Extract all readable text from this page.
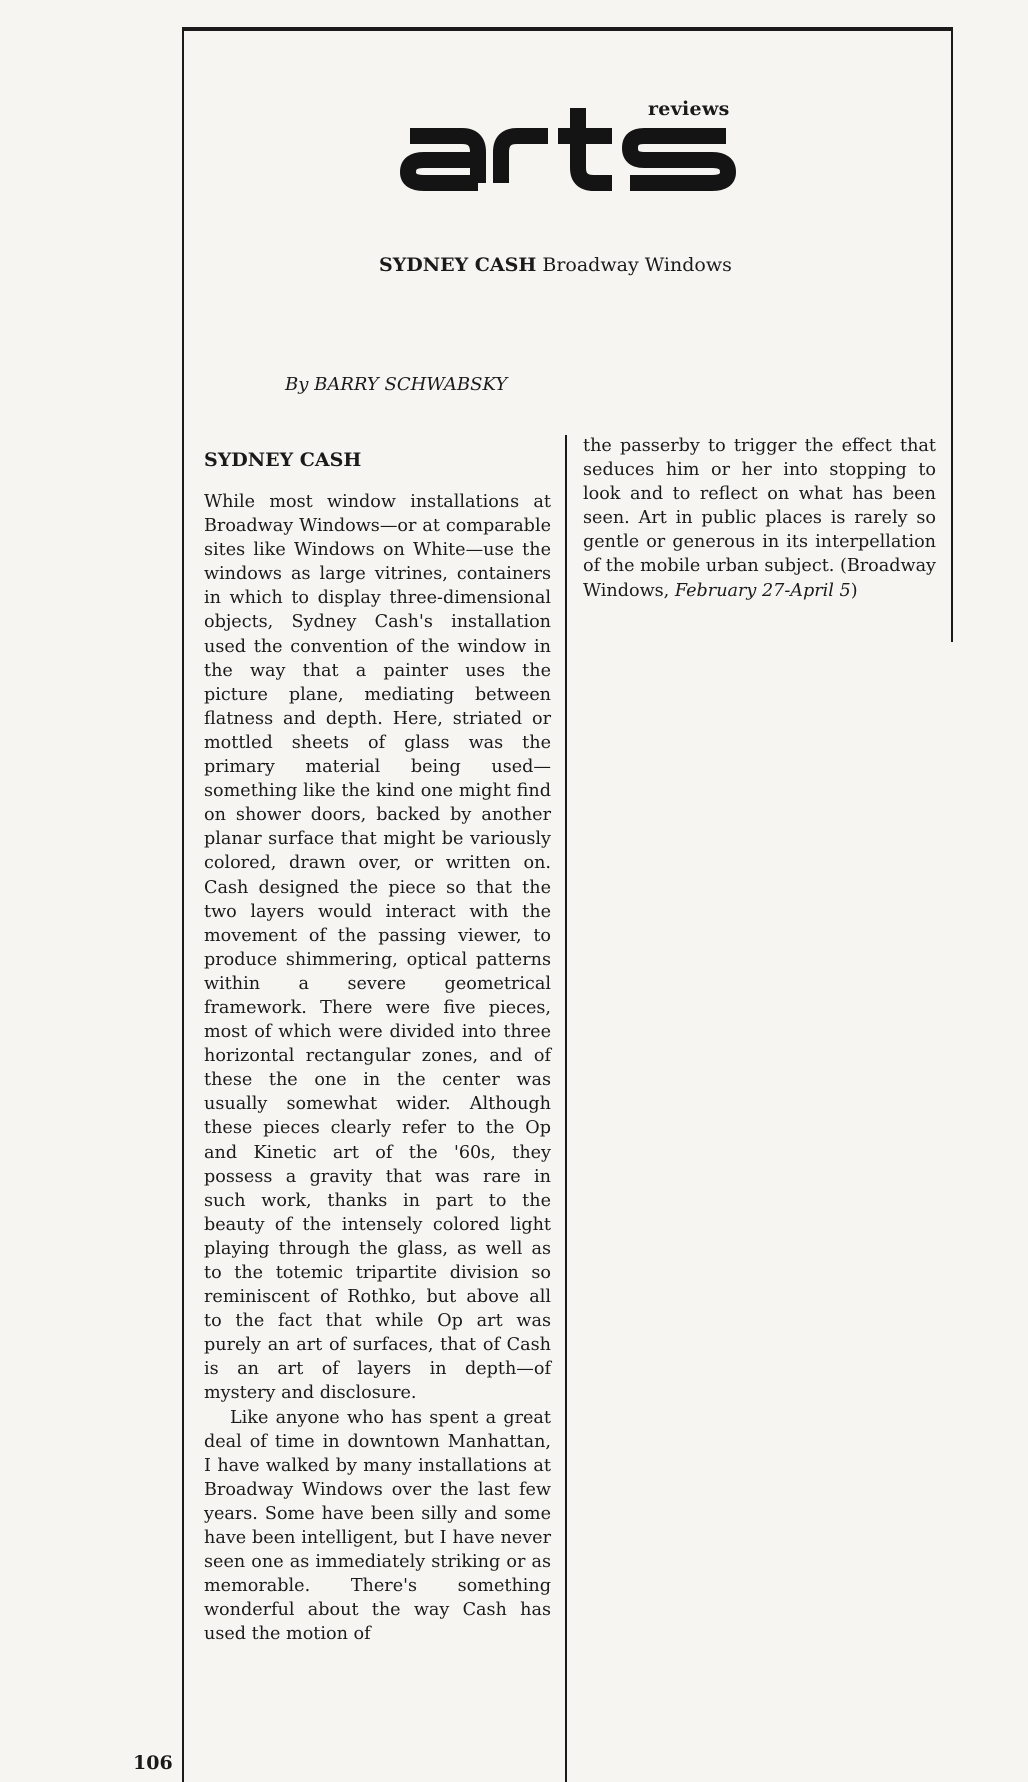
reviews
SYDNEY CASH Broadway Windows
By BARRY SCHWABSKY
SYDNEY CASH

While most window installations at Broadway Windows—or at comparable sites like Windows on White—use the windows as large vitrines, containers in which to display three-dimensional objects, Sydney Cash's installation used the convention of the window in the way that a painter uses the picture plane, mediating between flatness and depth. Here, striated or mottled sheets of glass was the primary material being used—something like the kind one might find on shower doors, backed by another planar surface that might be variously colored, drawn over, or written on. Cash designed the piece so that the two layers would interact with the movement of the passing viewer, to produce shimmering, optical patterns within a severe geometrical framework. There were five pieces, most of which were divided into three horizontal rectangular zones, and of these the one in the center was usually somewhat wider. Although these pieces clearly refer to the Op and Kinetic art of the '60s, they possess a gravity that was rare in such work, thanks in part to the beauty of the intensely colored light playing through the glass, as well as to the totemic tripartite division so reminiscent of Rothko, but above all to the fact that while Op art was purely an art of surfaces, that of Cash is an art of layers in depth—of mystery and disclosure.

Like anyone who has spent a great deal of time in downtown Manhattan, I have walked by many installations at Broadway Windows over the last few years. Some have been silly and some have been intelligent, but I have never seen one as immediately striking or as memorable. There's something wonderful about the way Cash has used the motion of

the passerby to trigger the effect that seduces him or her into stopping to look and to reflect on what has been seen. Art in public places is rarely so gentle or generous in its interpellation of the mobile urban subject. (Broadway Windows, February 27-April 5)

106
